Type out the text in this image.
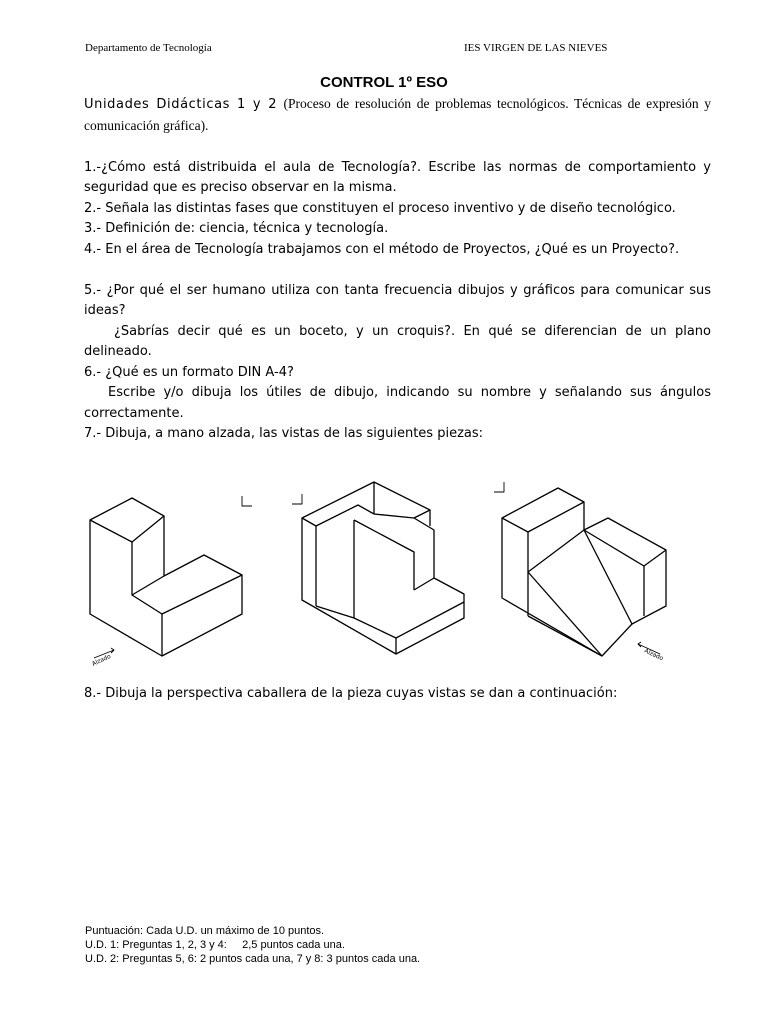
Departamento de Tecnología	IES VIRGEN DE LAS NIEVES
CONTROL 1º ESO

Unidades Didácticas 1 y 2 (Proceso de resolución de problemas tecnológicos. Técnicas de expresión y comunicación gráfica).

1.-¿Cómo está distribuida el aula de Tecnología?. Escribe las normas de comportamiento y seguridad que es preciso observar en la misma.

2.- Señala las distintas fases que constituyen el proceso inventivo y de diseño tecnológico.

3.- Definición de: ciencia, técnica y tecnología.

4.- En el área de Tecnología trabajamos con el método de Proyectos, ¿Qué es un Proyecto?.

5.- ¿Por qué el ser humano utiliza con tanta frecuencia dibujos y gráficos para comunicar sus ideas?

¿Sabrías decir qué es un boceto, y un croquis?. En qué se diferencian de un plano delineado.

6.- ¿Qué es un formato DIN A-4?

Escribe y/o dibuja los útiles de dibujo, indicando su nombre y señalando sus ángulos correctamente.

7.- Dibuja, a mano alzada, las vistas de las siguientes piezas:

Alzado	Alzado
8.- Dibuja la perspectiva caballera de la pieza cuyas vistas se dan a continuación:

Puntuación: Cada U.D. un máximo de 10 puntos.

U.D. 1: Preguntas 1, 2, 3 y 4:     2,5 puntos cada una.

U.D. 2: Preguntas 5, 6: 2 puntos cada una, 7 y 8: 3 puntos cada una.
